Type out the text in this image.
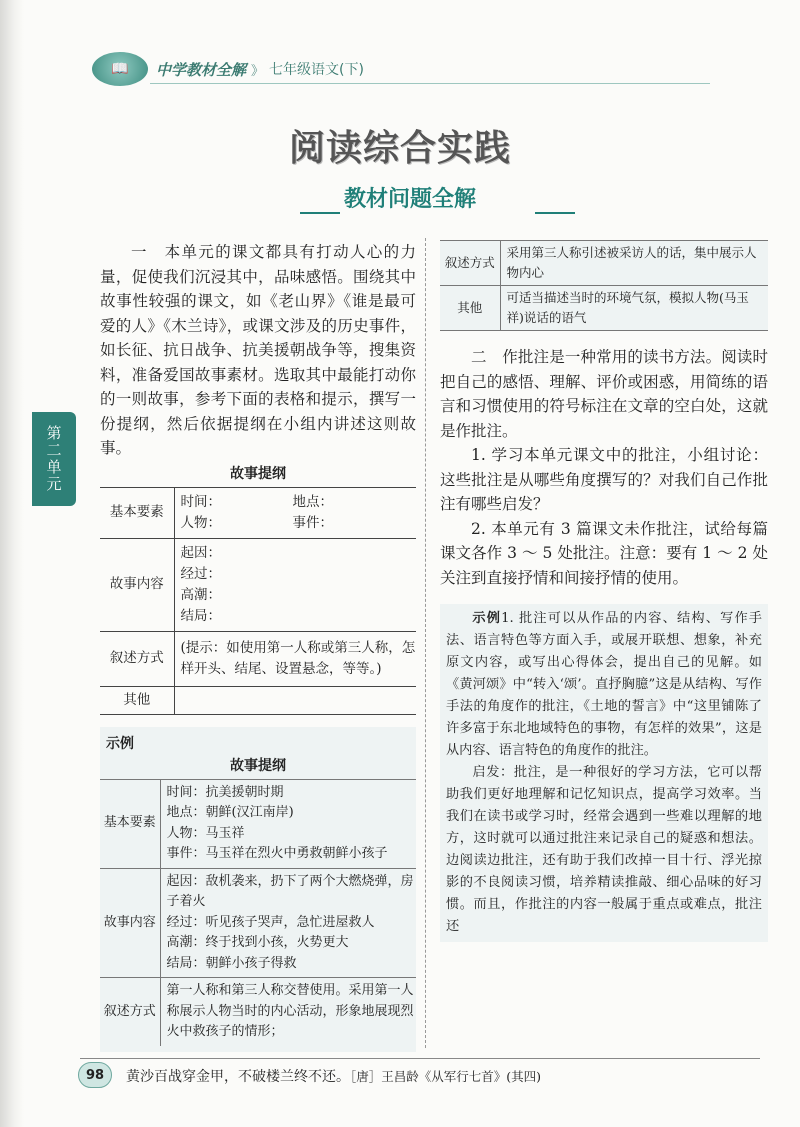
📖	中学教材全解 》 七年级语文(下)
阅读综合实践
教材问题全解
第二单元

一　本单元的课文都具有打动人心的力量，促使我们沉浸其中，品味感悟。围绕其中故事性较强的课文，如《老山界》《谁是最可爱的人》《木兰诗》，或课文涉及的历史事件，如长征、抗日战争、抗美援朝战争等，搜集资料，准备爱国故事素材。选取其中最能打动你的一则故事，参考下面的表格和提示，撰写一份提纲，然后依据提纲在小组内讲述这则故事。

故事提纲
基本要素	时间： 地点：
人物： 事件：

故事内容	起因：
经过：
高潮：
结局：

叙述方式	(提示：如使用第一人称或第三人称，怎样开头、结尾、设置悬念，等等。)
其他	
示例
故事提纲
基本要素	时间：抗美援朝时期
地点：朝鲜(汉江南岸)
人物：马玉祥
事件：马玉祥在烈火中勇救朝鲜小孩子

故事内容	起因：敌机袭来，扔下了两个大燃烧弹，房子着火
经过：听见孩子哭声，急忙进屋救人
高潮：终于找到小孩，火势更大
结局：朝鲜小孩子得救

叙述方式	第一人称和第三人称交替使用。采用第一人称展示人物当时的内心活动，形象地展现烈火中救孩子的情形；
叙述方式	采用第三人称引述被采访人的话，集中展示人物内心
其他	可适当描述当时的环境气氛，模拟人物(马玉祥)说话的语气

二　作批注是一种常用的读书方法。阅读时把自己的感悟、理解、评价或困惑，用简练的语言和习惯使用的符号标注在文章的空白处，这就是作批注。

1. 学习本单元课文中的批注，小组讨论：这些批注是从哪些角度撰写的？对我们自己作批注有哪些启发？

2. 本单元有 3 篇课文未作批注，试给每篇课文各作 3 ～ 5 处批注。注意：要有 1 ～ 2 处关注到直接抒情和间接抒情的使用。

示例1. 批注可以从作品的内容、结构、写作手法、语言特色等方面入手，或展开联想、想象，补充原文内容，或写出心得体会，提出自己的见解。如《黄河颂》中“转入‘颂’。直抒胸臆”这是从结构、写作手法的角度作的批注，《土地的誓言》中“这里铺陈了许多富于东北地域特色的事物，有怎样的效果”，这是从内容、语言特色的角度作的批注。

启发：批注，是一种很好的学习方法，它可以帮助我们更好地理解和记忆知识点，提高学习效率。当我们在读书或学习时，经常会遇到一些难以理解的地方，这时就可以通过批注来记录自己的疑惑和想法。边阅读边批注，还有助于我们改掉一目十行、浮光掠影的不良阅读习惯，培养精读推敲、细心品味的好习惯。而且，作批注的内容一般属于重点或难点，批注还

98	黄沙百战穿金甲，不破楼兰终不还。［唐］王昌龄《从军行七首》(其四)
